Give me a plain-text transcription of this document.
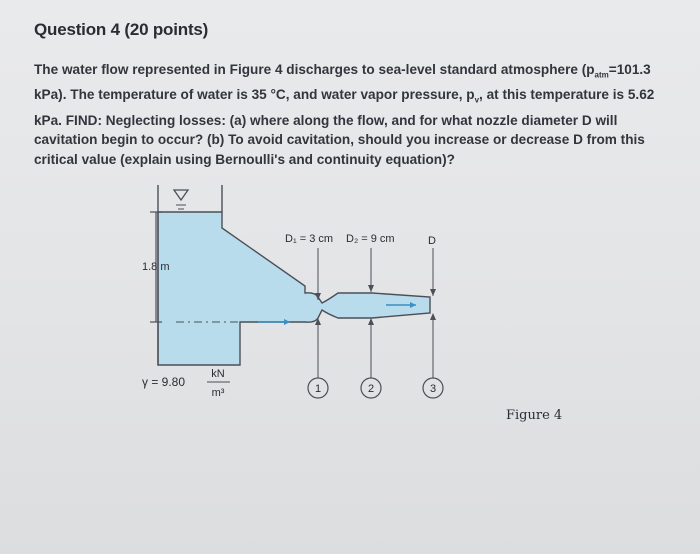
Question 4 (20 points)
The water flow represented in Figure 4 discharges to sea-level standard atmosphere ($p_{atm}=101.3$
kPa). The temperature of water is 35 °C, and water vapor pressure, $p_v$, at this temperature is 5.62
kPa. FIND: Neglecting losses: (a) where along the flow, and for what nozzle diameter D will
cavitation begin to occur? (b) To avoid cavitation, should you increase or decrease D from this
critical value (explain using Bernoulli's and continuity equation)?
1.8 m
D₁ = 3 cm D₂ = 9 cm	D
1	2	3
γ = 9.80
kN
m³
Figure 4
